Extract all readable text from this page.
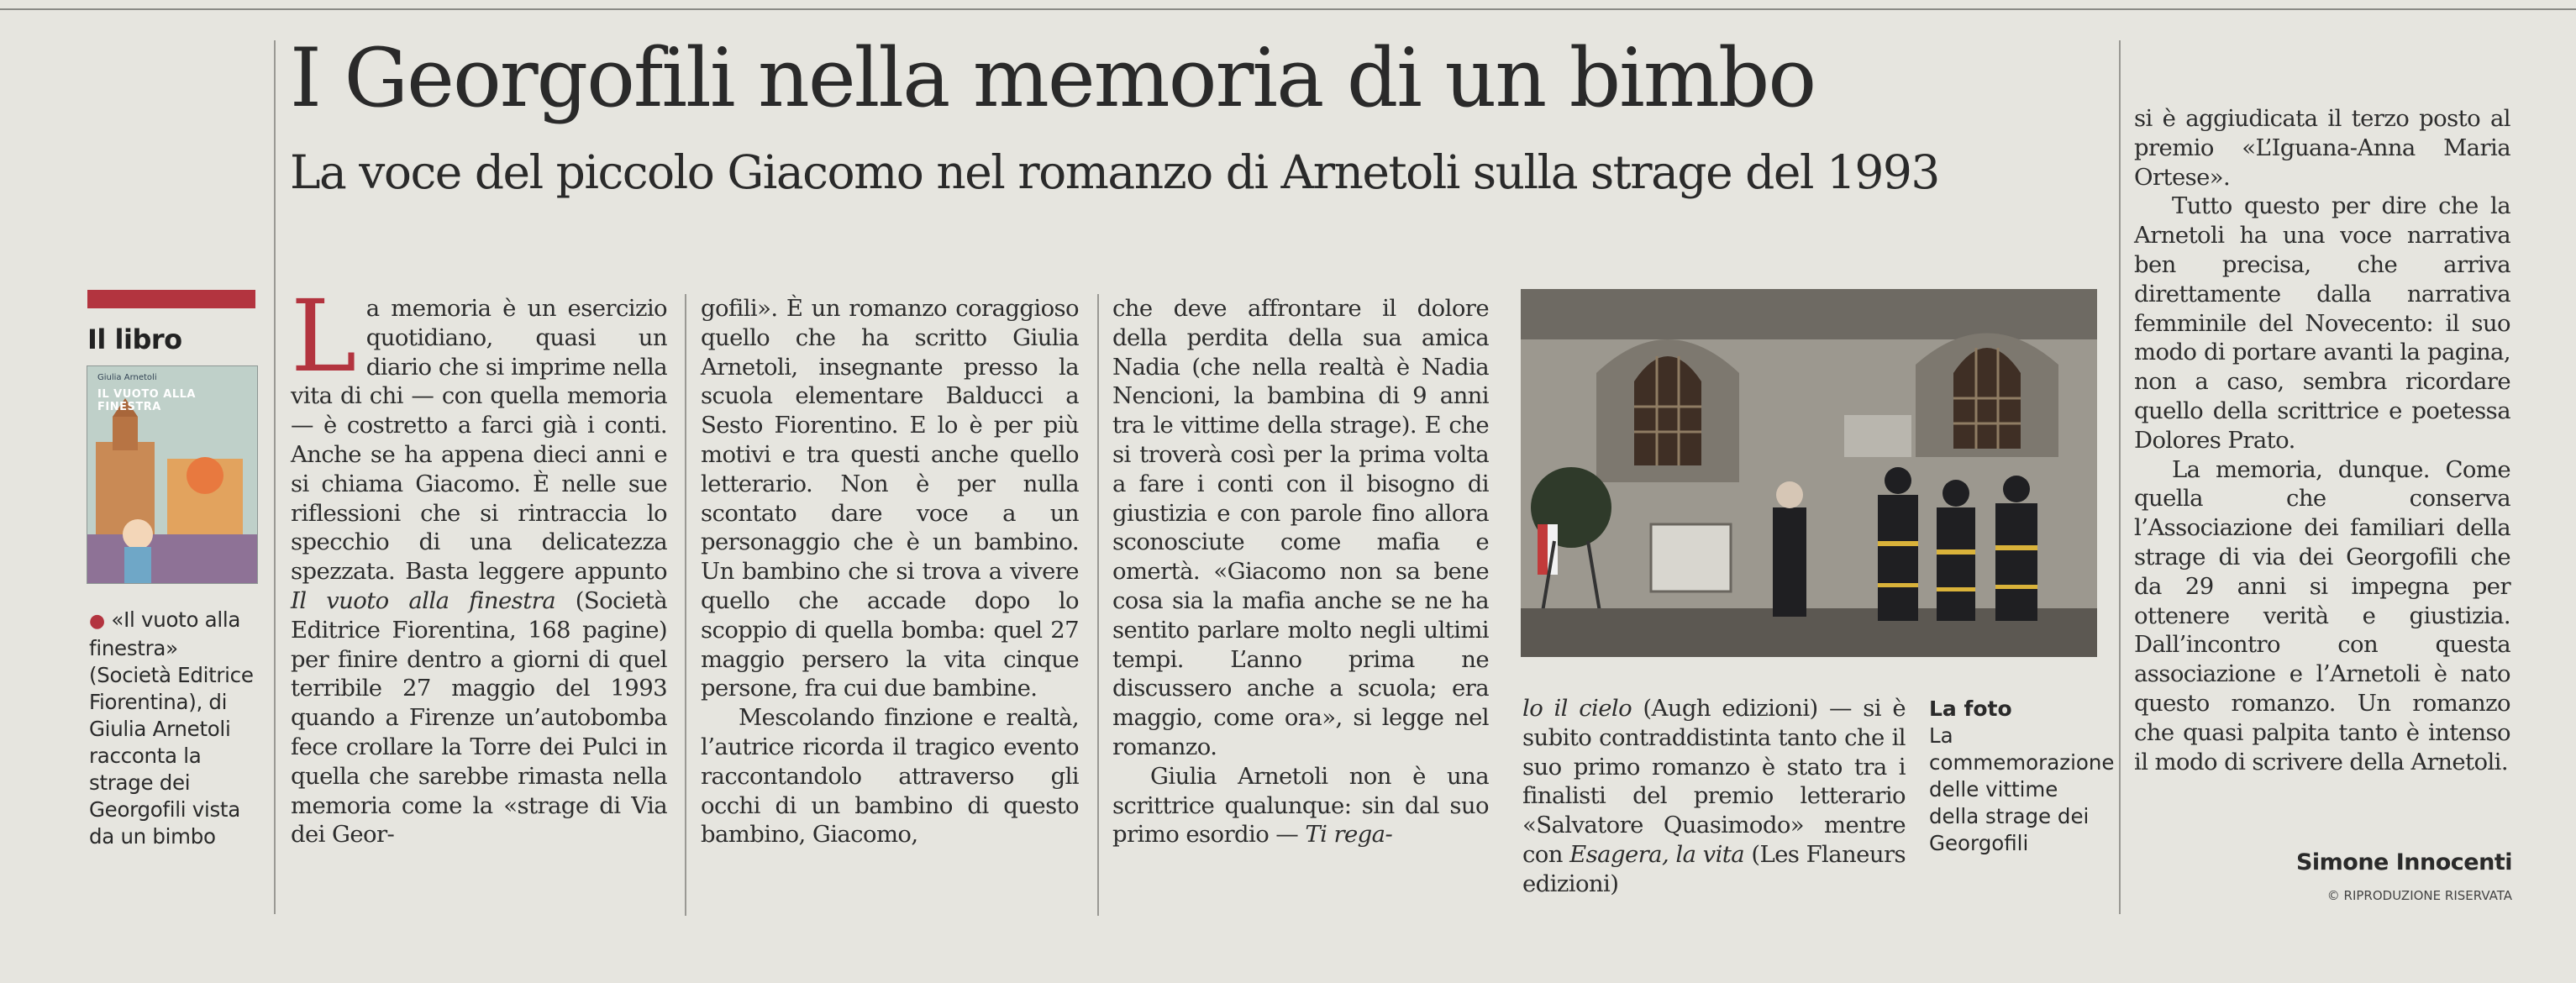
I Georgofili nella memoria di un bimbo
La voce del piccolo Giacomo nel romanzo di Arnetoli sulla strage del 1993
Il libro
Giulia Arnetoli
IL VUOTO ALLA FINESTRA
● «Il vuoto alla finestra» (Società Editrice Fiorentina), di Giulia Arnetoli racconta la strage dei Georgofili vista da un bimbo

La memoria è un esercizio quotidiano, quasi un diario che si imprime nella vita di chi — con quella memoria — è costretto a farci già i conti. Anche se ha appena dieci anni e si chiama Giacomo. È nelle sue riflessioni che si rintraccia lo specchio di una delicatezza spezzata. Basta leggere appunto Il vuoto alla finestra (Società Editrice Fiorentina, 168 pagine) per finire dentro a giorni di quel terribile 27 maggio del 1993 quando a Firenze un’autobomba fece crollare la Torre dei Pulci in quella che sarebbe rimasta nella memoria come la «strage di Via dei Geor-

gofili». È un romanzo coraggioso quello che ha scritto Giulia Arnetoli, insegnante presso la scuola elementare Balducci a Sesto Fiorentino. E lo è per più motivi e tra questi anche quello letterario. Non è per nulla scontato dare voce a un personaggio che è un bambino. Un bambino che si trova a vivere quello che accade dopo lo scoppio di quella bomba: quel 27 maggio persero la vita cinque persone, fra cui due bambine.

Mescolando finzione e realtà, l’autrice ricorda il tragico evento raccontandolo attraverso gli occhi di un bambino di questo bambino, Giacomo,

che deve affrontare il dolore della perdita della sua amica Nadia (che nella realtà è Nadia Nencioni, la bambina di 9 anni tra le vittime della strage). E che si troverà così per la prima volta a fare i conti con il bisogno di giustizia e con parole fino allora sconosciute come mafia e omertà. «Giacomo non sa bene cosa sia la mafia anche se ne ha sentito parlare molto negli ultimi tempi. L’anno prima ne discussero anche a scuola; era maggio, come ora», si legge nel romanzo.

Giulia Arnetoli non è una scrittrice qualunque: sin dal suo primo esordio — Ti rega-

lo il cielo (Augh edizioni) — si è subito contraddistinta tanto che il suo primo romanzo è stato tra i finalisti del premio letterario «Salvatore Quasimodo» mentre con Esagera, la vita (Les Flaneurs edizioni)

La foto
La commemorazione delle vittime della strage dei Georgofili

si è aggiudicata il terzo posto al premio «L’Iguana-Anna Maria Ortese».

Tutto questo per dire che la Arnetoli ha una voce narrativa ben precisa, che arriva direttamente dalla narrativa femminile del Novecento: il suo modo di portare avanti la pagina, non a caso, sembra ricordare quello della scrittrice e poetessa Dolores Prato.

La memoria, dunque. Come quella che conserva l’Associazione dei familiari della strage di via dei Georgofili che da 29 anni si impegna per ottenere verità e giustizia. Dall’incontro con questa associazione e l’Arnetoli è nato questo romanzo. Un romanzo che quasi palpita tanto è intenso il modo di scrivere della Arnetoli.

Simone Innocenti
© RIPRODUZIONE RISERVATA
